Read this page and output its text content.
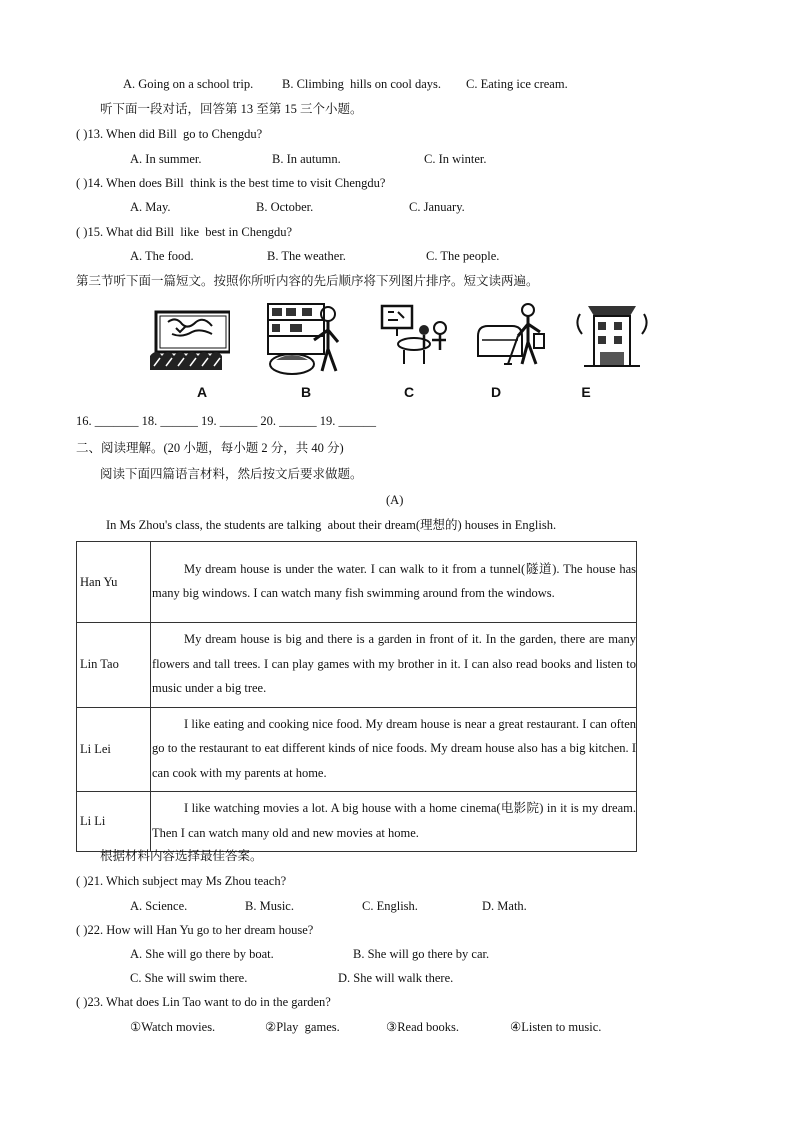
A. Going on a school trip. B. Climbing  hills on cool days. C. Eating ice cream.
听下面一段对话，回答第 13 至第 15 三个小题。
( )13. When did Bill  go to Chengdu?
A. In summer.	B. In autumn.	C. In winter.
( )14. When does Bill  think is the best time to visit Chengdu?
A. May.	B. October.	C. January.
( )15. What did Bill  like  best in Chengdu?
A. The food.	B. The weather.	C. The people.
第三节听下面一篇短文。按照你所听内容的先后顺序将下列图片排序。短文读两遍。
A	B	C	D	E
16. _______ 18. ______ 19. ______ 20. ______ 19. ______
二、阅读理解。(20 小题，每小题 2 分，共 40 分)
阅读下面四篇语言材料，然后按文后要求做题。
(A)
In Ms Zhou's class, the students are talking  about their dream(理想的) houses in English.
Han Yu	My dream house is under the water. I can walk to it from a tunnel(隧道). The house has many big windows. I can watch many fish swimming around from the windows.
Lin Tao	My dream house is big and there is a garden in front of it. In the garden, there are many flowers and tall trees. I can play games with my brother in it. I can also read books and listen to music under a big tree.
Li Lei	I like eating and cooking nice food. My dream house is near a great restaurant. I can often go to the restaurant to eat different kinds of nice foods. My dream house also has a big kitchen. I can cook with my parents at home.
Li Li	I like watching movies a lot. A big house with a home cinema(电影院) in it is my dream. Then I can watch many old and new movies at home.
根据材料内容选择最佳答案。
( )21. Which subject may Ms Zhou teach?
A. Science.	B. Music.	C. English.	D. Math.
( )22. How will Han Yu go to her dream house?
A. She will go there by boat.	B. She will go there by car.
C. She will swim there.	D. She will walk there.
( )23. What does Lin Tao want to do in the garden?
①Watch movies.	②Play  games.	③Read books.	④Listen to music.
